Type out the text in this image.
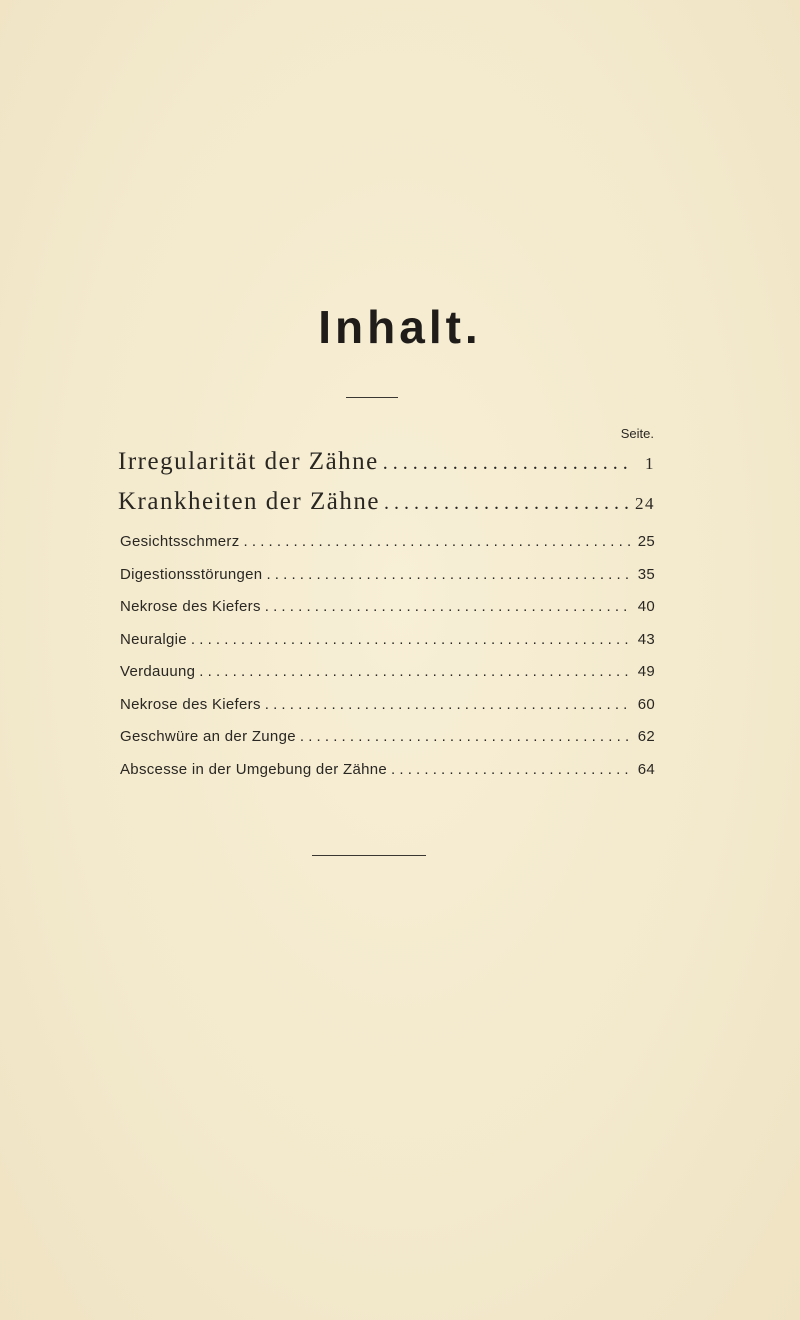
Inhalt.
Seite.
Irregularität der Zähne . . .	1
Krankheiten der Zähne . . .	24
Gesichtsschmerz . . .	25
Digestionsstörungen . . .	35
Nekrose des Kiefers . . .	40
Neuralgie . . .	43
Verdauung . . .	49
Nekrose des Kiefers . . .	60
Geschwüre an der Zunge . . .	62
Abscesse in der Umgebung der Zähne . . .	64
